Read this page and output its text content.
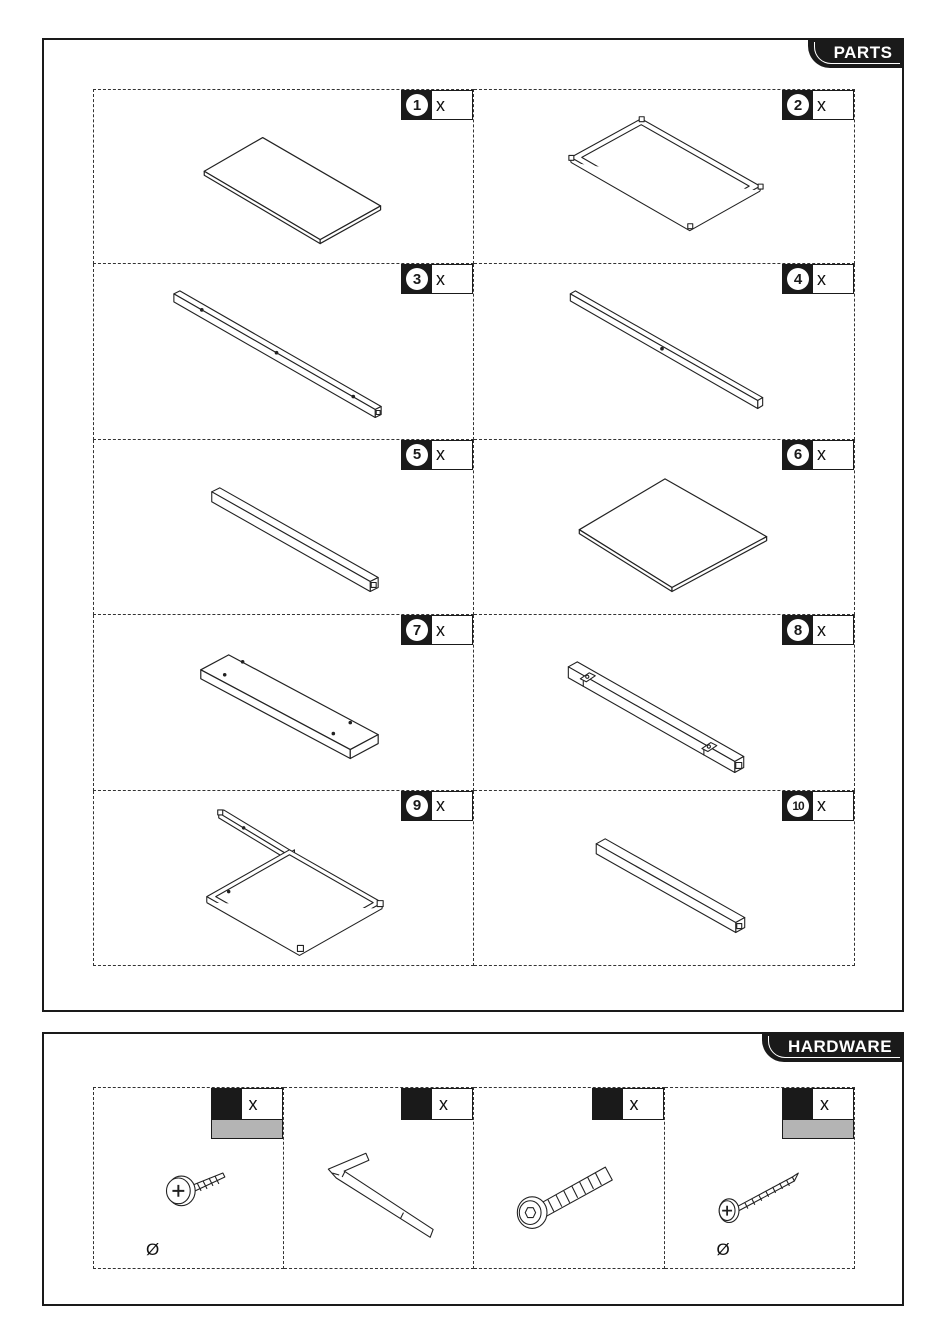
PARTS
1 x	2 x
3 x	4 x
5 x	6 x
7 x	8 x
9 x	10 x
HARDWARE
x
Ø
x	x	x
Ø
